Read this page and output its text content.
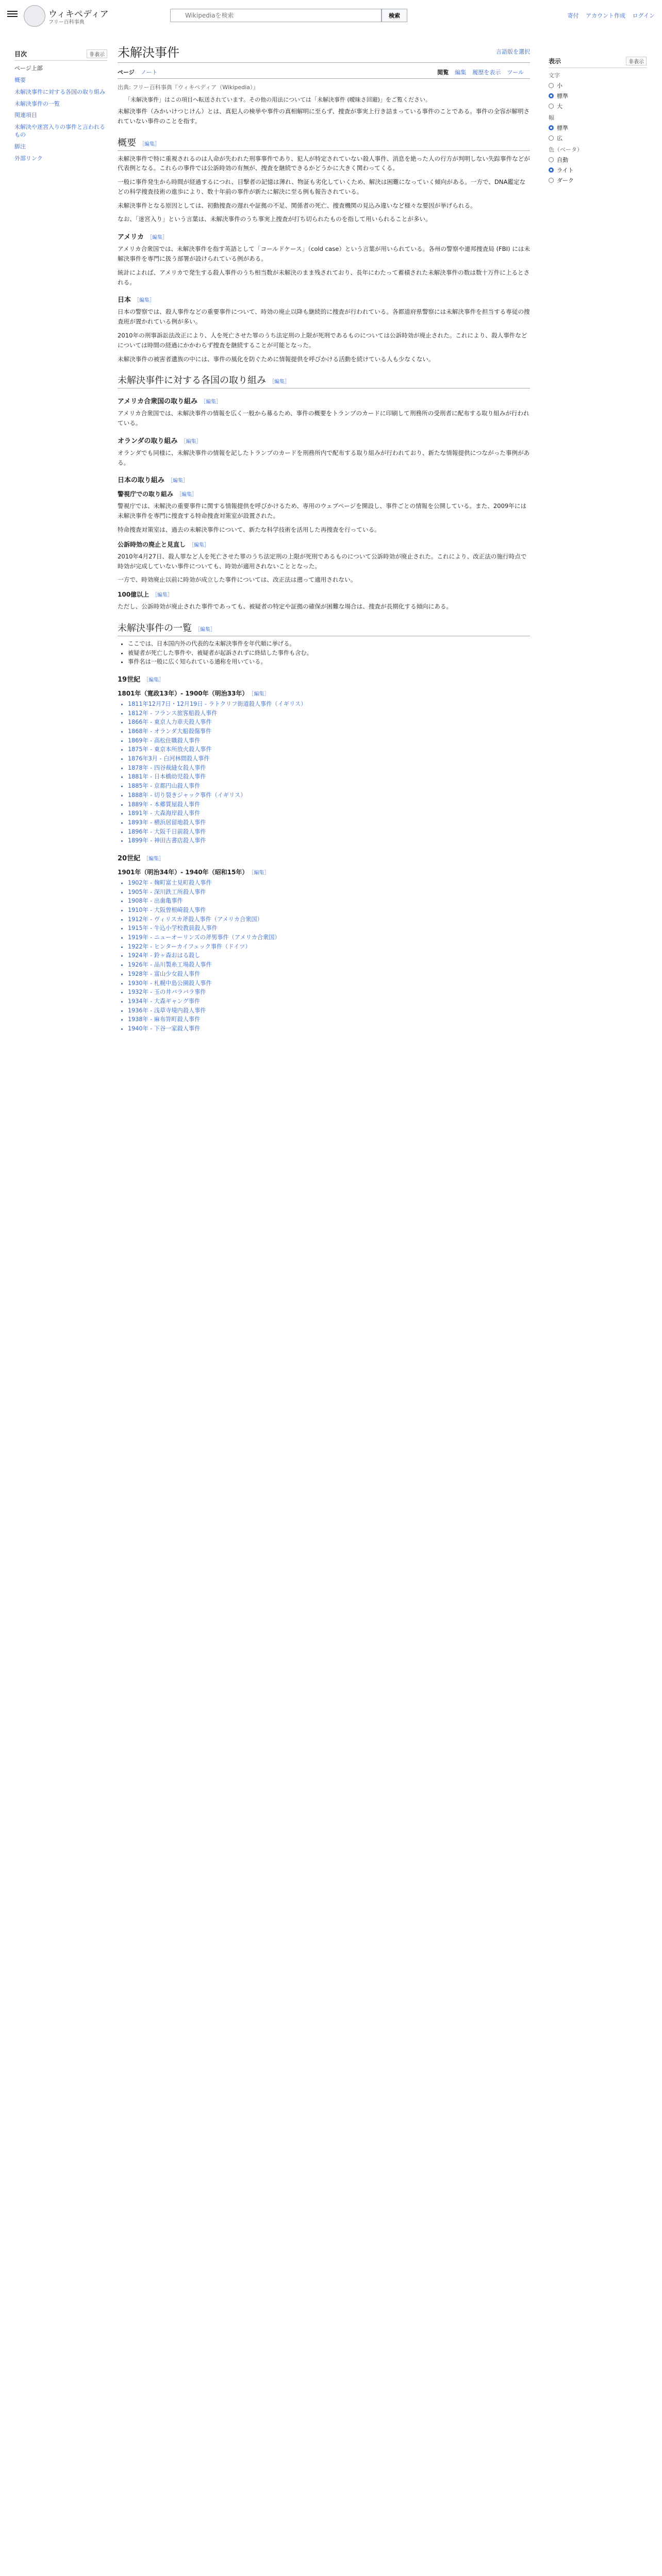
ウィキペディア
フリー百科事典
Wikipediaを検索
検索	寄付 アカウント作成 ログイン
目次	非表示
ページ上部
概要
未解決事件に対する各国の取り組み
未解決事件の一覧
関連項目
未解決や迷宮入りの事件と言われるもの
脚注
外部リンク
未解決事件	言語版を選択
ページ ノート	閲覧 編集 履歴を表示 ツール
出典: フリー百科事典『ウィキペディア（Wikipedia）』
「未解決事件」はこの項目へ転送されています。その他の用法については「未解決事件 (曖昧さ回避)」をご覧ください。

未解決事件（みかいけつじけん）とは、真犯人の検挙や事件の真相解明に至らず、捜査が事実上行き詰まっている事件のことである。事件の全容が解明されていない事件のことを指す。

概要 ［編集］

未解決事件で特に重視されるのは人命が失われた刑事事件であり、犯人が特定されていない殺人事件、消息を絶った人の行方が判明しない失踪事件などが代表例となる。これらの事件では公訴時効の有無が、捜査を継続できるかどうかに大きく関わってくる。

一般に事件発生から時間が経過するにつれ、目撃者の記憶は薄れ、物証も劣化していくため、解決は困難になっていく傾向がある。一方で、DNA鑑定などの科学捜査技術の進歩により、数十年前の事件が新たに解決に至る例も報告されている。

未解決事件となる原因としては、初動捜査の遅れや証拠の不足、関係者の死亡、捜査機関の見込み違いなど様々な要因が挙げられる。

なお、「迷宮入り」という言葉は、未解決事件のうち事実上捜査が打ち切られたものを指して用いられることが多い。

アメリカ ［編集］

アメリカ合衆国では、未解決事件を指す英語として「コールドケース」（cold case）という言葉が用いられている。各州の警察や連邦捜査局 (FBI) には未解決事件を専門に扱う部署が設けられている例がある。

統計によれば、アメリカで発生する殺人事件のうち相当数が未解決のまま残されており、長年にわたって蓄積された未解決事件の数は数十万件に上るとされる。

日本 ［編集］

日本の警察では、殺人事件などの重要事件について、時効の廃止以降も継続的に捜査が行われている。各都道府県警察には未解決事件を担当する専従の捜査班が置かれている例が多い。

2010年の刑事訴訟法改正により、人を死亡させた罪のうち法定刑の上限が死刑であるものについては公訴時効が廃止された。これにより、殺人事件などについては時間の経過にかかわらず捜査を継続することが可能となった。

未解決事件の被害者遺族の中には、事件の風化を防ぐために情報提供を呼びかける活動を続けている人も少なくない。

未解決事件に対する各国の取り組み ［編集］
アメリカ合衆国の取り組み ［編集］

アメリカ合衆国では、未解決事件の情報を広く一般から募るため、事件の概要をトランプのカードに印刷して刑務所の受刑者に配布する取り組みが行われている。

オランダの取り組み ［編集］

オランダでも同様に、未解決事件の情報を記したトランプのカードを刑務所内で配布する取り組みが行われており、新たな情報提供につながった事例がある。

日本の取り組み ［編集］
警視庁での取り組み ［編集］

警視庁では、未解決の重要事件に関する情報提供を呼びかけるため、専用のウェブページを開設し、事件ごとの情報を公開している。また、2009年には未解決事件を専門に捜査する特命捜査対策室が設置された。

特命捜査対策室は、過去の未解決事件について、新たな科学技術を活用した再捜査を行っている。

公訴時効の廃止と見直し ［編集］

2010年4月27日、殺人罪など人を死亡させた罪のうち法定刑の上限が死刑であるものについて公訴時効が廃止された。これにより、改正法の施行時点で時効が完成していない事件についても、時効が適用されないこととなった。

一方で、時効廃止以前に時効が成立した事件については、改正法は遡って適用されない。

100億以上 ［編集］

ただし、公訴時効が廃止された事件であっても、被疑者の特定や証拠の確保が困難な場合は、捜査が長期化する傾向にある。

未解決事件の一覧 ［編集］
• ここでは、日本国内外の代表的な未解決事件を年代順に挙げる。
• 被疑者が死亡した事件や、被疑者が起訴されずに終結した事件も含む。
• 事件名は一般に広く知られている通称を用いている。
19世紀 ［編集］
1801年（寛政13年）- 1900年（明治33年） ［編集］
• 1811年12月7日・12月19日 - ラトクリフ街道殺人事件（イギリス）
• 1812年 - フランス旅客船殺人事件
• 1866年 - 東京人力車夫殺人事件
• 1868年 - オランダ大船殺傷事件
• 1869年 - 高松住職殺人事件
• 1875年 - 東京本所放火殺人事件
• 1876年3月 - 白河林間殺人事件
• 1878年 - 四谷裁縫女殺人事件
• 1881年 - 日本橋幼児殺人事件
• 1885年 - 京都円山殺人事件
• 1888年 - 切り裂きジャック事件（イギリス）
• 1889年 - 本郷質屋殺人事件
• 1891年 - 大森海岸殺人事件
• 1893年 - 横浜居留地殺人事件
• 1896年 - 大阪千日前殺人事件
• 1899年 - 神田古書店殺人事件
20世紀 ［編集］
1901年（明治34年）- 1940年（昭和15年） ［編集］
• 1902年 - 麹町富士見町殺人事件
• 1905年 - 深川鉄工所殺人事件
• 1908年 - 出歯亀事件
• 1910年 - 大阪曾根崎殺人事件
• 1912年 - ヴィリスカ斧殺人事件（アメリカ合衆国）
• 1915年 - 牛込小学校教員殺人事件
• 1919年 - ニューオーリンズの斧男事件（アメリカ合衆国）
• 1922年 - ヒンターカイフェック事件（ドイツ）
• 1924年 - 鈴ヶ森おはる殺し
• 1926年 - 品川製糸工場殺人事件
• 1928年 - 富山少女殺人事件
• 1930年 - 札幌中島公園殺人事件
• 1932年 - 玉の井バラバラ事件
• 1934年 - 大森ギャング事件
• 1936年 - 浅草寺境内殺人事件
• 1938年 - 麻布笄町殺人事件
• 1940年 - 下谷一家殺人事件
表示	非表示
文字
小
標準
大
幅
標準
広
色（ベータ）
自動
ライト
ダーク
